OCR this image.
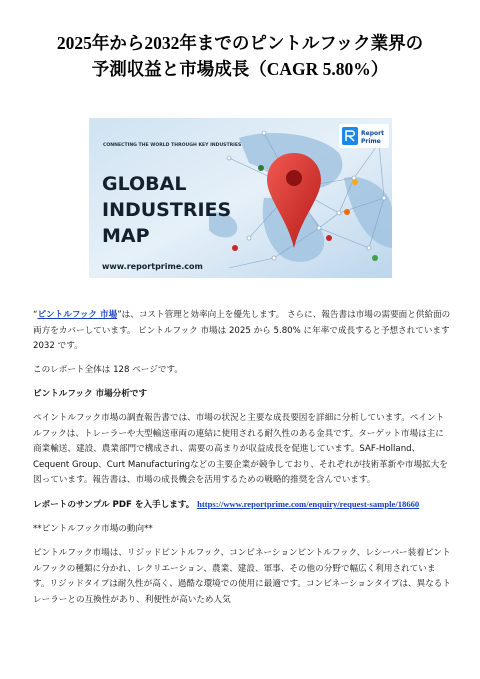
2025年から2032年までのピントルフック業界の
予測収益と市場成長（CAGR 5.80%）
CONNECTING THE WORLD THROUGH KEY INDUSTRIES
GLOBAL
INDUSTRIES
MAP
www.reportprime.com
Report
Prime

“ピントルフック 市場”は、コスト管理と効率向上を優先します。 さらに、報告書は市場の需要面と供給面の両方をカバーしています。 ピントルフック 市場は 2025 から 5.80% に年率で成長すると予想されています2032 です。

このレポート全体は 128 ページです。

ピントルフック 市場分析です

ペイントルフック市場の調査報告書では、市場の状況と主要な成長要因を詳細に分析しています。ペイントルフックは、トレーラーや大型輸送車両の連結に使用される耐久性のある金具です。ターゲット市場は主に商業輸送、建設、農業部門で構成され、需要の高まりが収益成長を促進しています。SAF-Holland、Cequent Group、Curt Manufacturingなどの主要企業が競争しており、それぞれが技術革新や市場拡大を図っています。報告書は、市場の成長機会を活用するための戦略的推奨を含んでいます。

レポートのサンプル PDF を入手します。 https://www.reportprime.com/enquiry/request-sample/18660

**ピントルフック市場の動向**

ピントルフック市場は、リジッドピントルフック、コンビネーションピントルフック、レシーバー装着ピントルフックの種類に分かれ、レクリエーション、農業、建設、軍事、その他の分野で幅広く利用されています。リジッドタイプは耐久性が高く、過酷な環境での使用に最適です。コンビネーションタイプは、異なるトレーラーとの互換性があり、利便性が高いため人気
